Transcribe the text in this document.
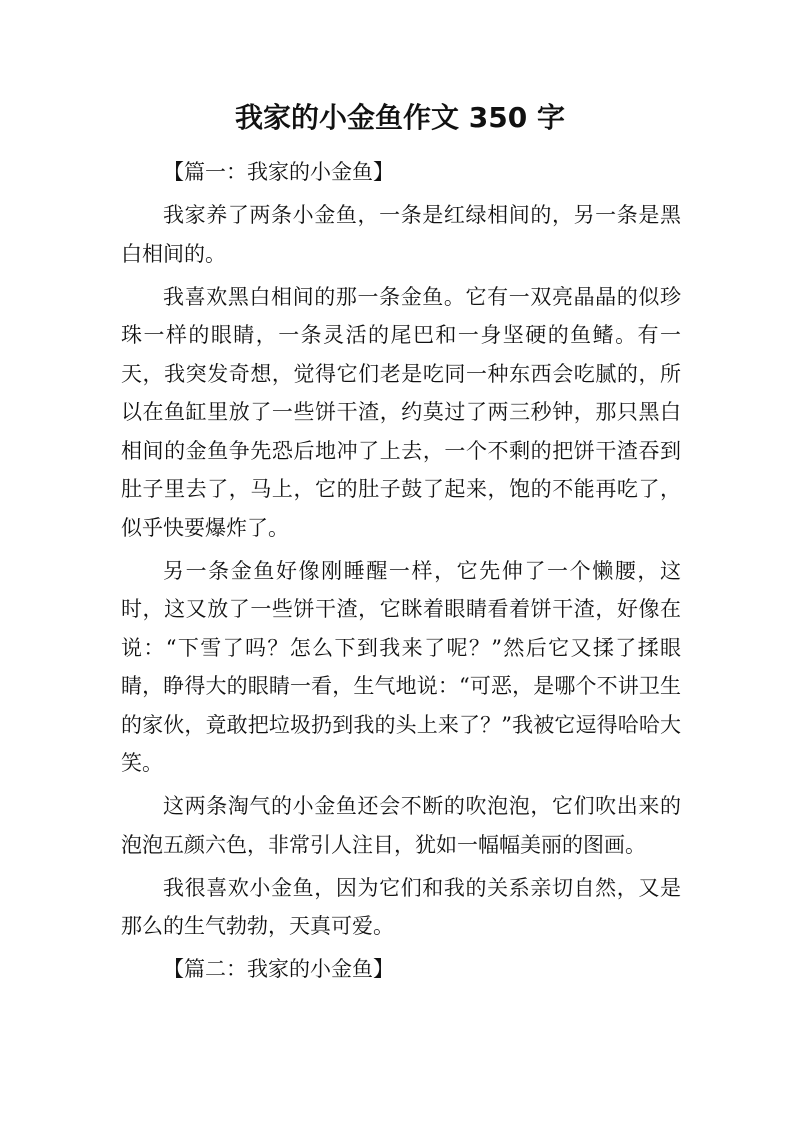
我家的小金鱼作文 350 字

【篇一：我家的小金鱼】

我家养了两条小金鱼，一条是红绿相间的，另一条是黑白相间的。

我喜欢黑白相间的那一条金鱼。它有一双亮晶晶的似珍珠一样的眼睛，一条灵活的尾巴和一身坚硬的鱼鳍。有一天，我突发奇想，觉得它们老是吃同一种东西会吃腻的，所以在鱼缸里放了一些饼干渣，约莫过了两三秒钟，那只黑白相间的金鱼争先恐后地冲了上去，一个不剩的把饼干渣吞到肚子里去了，马上，它的肚子鼓了起来，饱的不能再吃了，似乎快要爆炸了。

另一条金鱼好像刚睡醒一样，它先伸了一个懒腰，这时，这又放了一些饼干渣，它眯着眼睛看着饼干渣，好像在说：“下雪了吗？怎么下到我来了呢？”然后它又揉了揉眼睛，睁得大的眼睛一看，生气地说：“可恶，是哪个不讲卫生的家伙，竟敢把垃圾扔到我的头上来了？”我被它逗得哈哈大笑。

这两条淘气的小金鱼还会不断的吹泡泡，它们吹出来的泡泡五颜六色，非常引人注目，犹如一幅幅美丽的图画。

我很喜欢小金鱼，因为它们和我的关系亲切自然，又是那么的生气勃勃，天真可爱。

【篇二：我家的小金鱼】
